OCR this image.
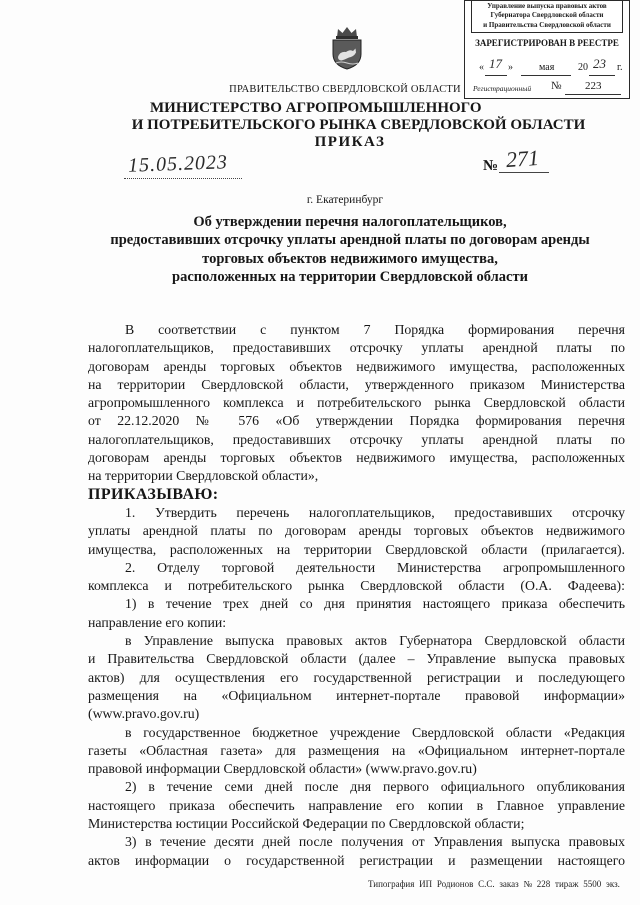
Управление выпуска правовых актов
Губернатора Свердловской области
и Правительства Свердловской области
ЗАРЕГИСТРИРОВАН В РЕЕСТРЕ
« 17 »	мая 20 23 г.
Регистрационный № 223
ПРАВИТЕЛЬСТВО СВЕРДЛОВСКОЙ ОБЛАСТИ
МИНИСТЕРСТВО АГРОПРОМЫШЛЕННОГО
И ПОТРЕБИТЕЛЬСКОГО РЫНКА СВЕРДЛОВСКОЙ ОБЛАСТИ
ПРИКАЗ
15.05.2023	№ 271
г. Екатеринбург
Об утверждении перечня налогоплательщиков,
предоставивших отсрочку уплаты арендной платы по договорам аренды
торговых объектов недвижимого имущества,
расположенных на территории Свердловской области
В соответствии с пунктом 7 Порядка формирования перечня
налогоплательщиков, предоставивших отсрочку уплаты арендной платы по
договорам аренды торговых объектов недвижимого имущества, расположенных
на территории Свердловской области, утвержденного приказом Министерства
агропромышленного комплекса и потребительского рынка Свердловской области
от 22.12.2020 № 576 «Об утверждении Порядка формирования перечня
налогоплательщиков, предоставивших отсрочку уплаты арендной платы по
договорам аренды торговых объектов недвижимого имущества, расположенных
на территории Свердловской области»,
ПРИКАЗЫВАЮ:
1. Утвердить перечень налогоплательщиков, предоставивших отсрочку
уплаты арендной платы по договорам аренды торговых объектов недвижимого
имущества, расположенных на территории Свердловской области (прилагается).
2. Отделу торговой деятельности Министерства агропромышленного
комплекса и потребительского рынка Свердловской области (О.А. Фадеева):
1) в течение трех дней со дня принятия настоящего приказа обеспечить
направление его копии:
в Управление выпуска правовых актов Губернатора Свердловской области
и Правительства Свердловской области (далее – Управление выпуска правовых
актов) для осуществления его государственной регистрации и последующего
размещения на «Официальном интернет-портале правовой информации»
(www.pravo.gov.ru)
в государственное бюджетное учреждение Свердловской области «Редакция
газеты «Областная газета» для размещения на «Официальном интернет-портале
правовой информации Свердловской области» (www.pravo.gov.ru)
2) в течение семи дней после дня первого официального опубликования
настоящего приказа обеспечить направление его копии в Главное управление
Министерства юстиции Российской Федерации по Свердловской области;
3) в течение десяти дней после получения от Управления выпуска правовых
актов информации о государственной регистрации и размещении настоящего
Типография ИП Родионов С.С. заказ № 228 тираж 5500 экз.
